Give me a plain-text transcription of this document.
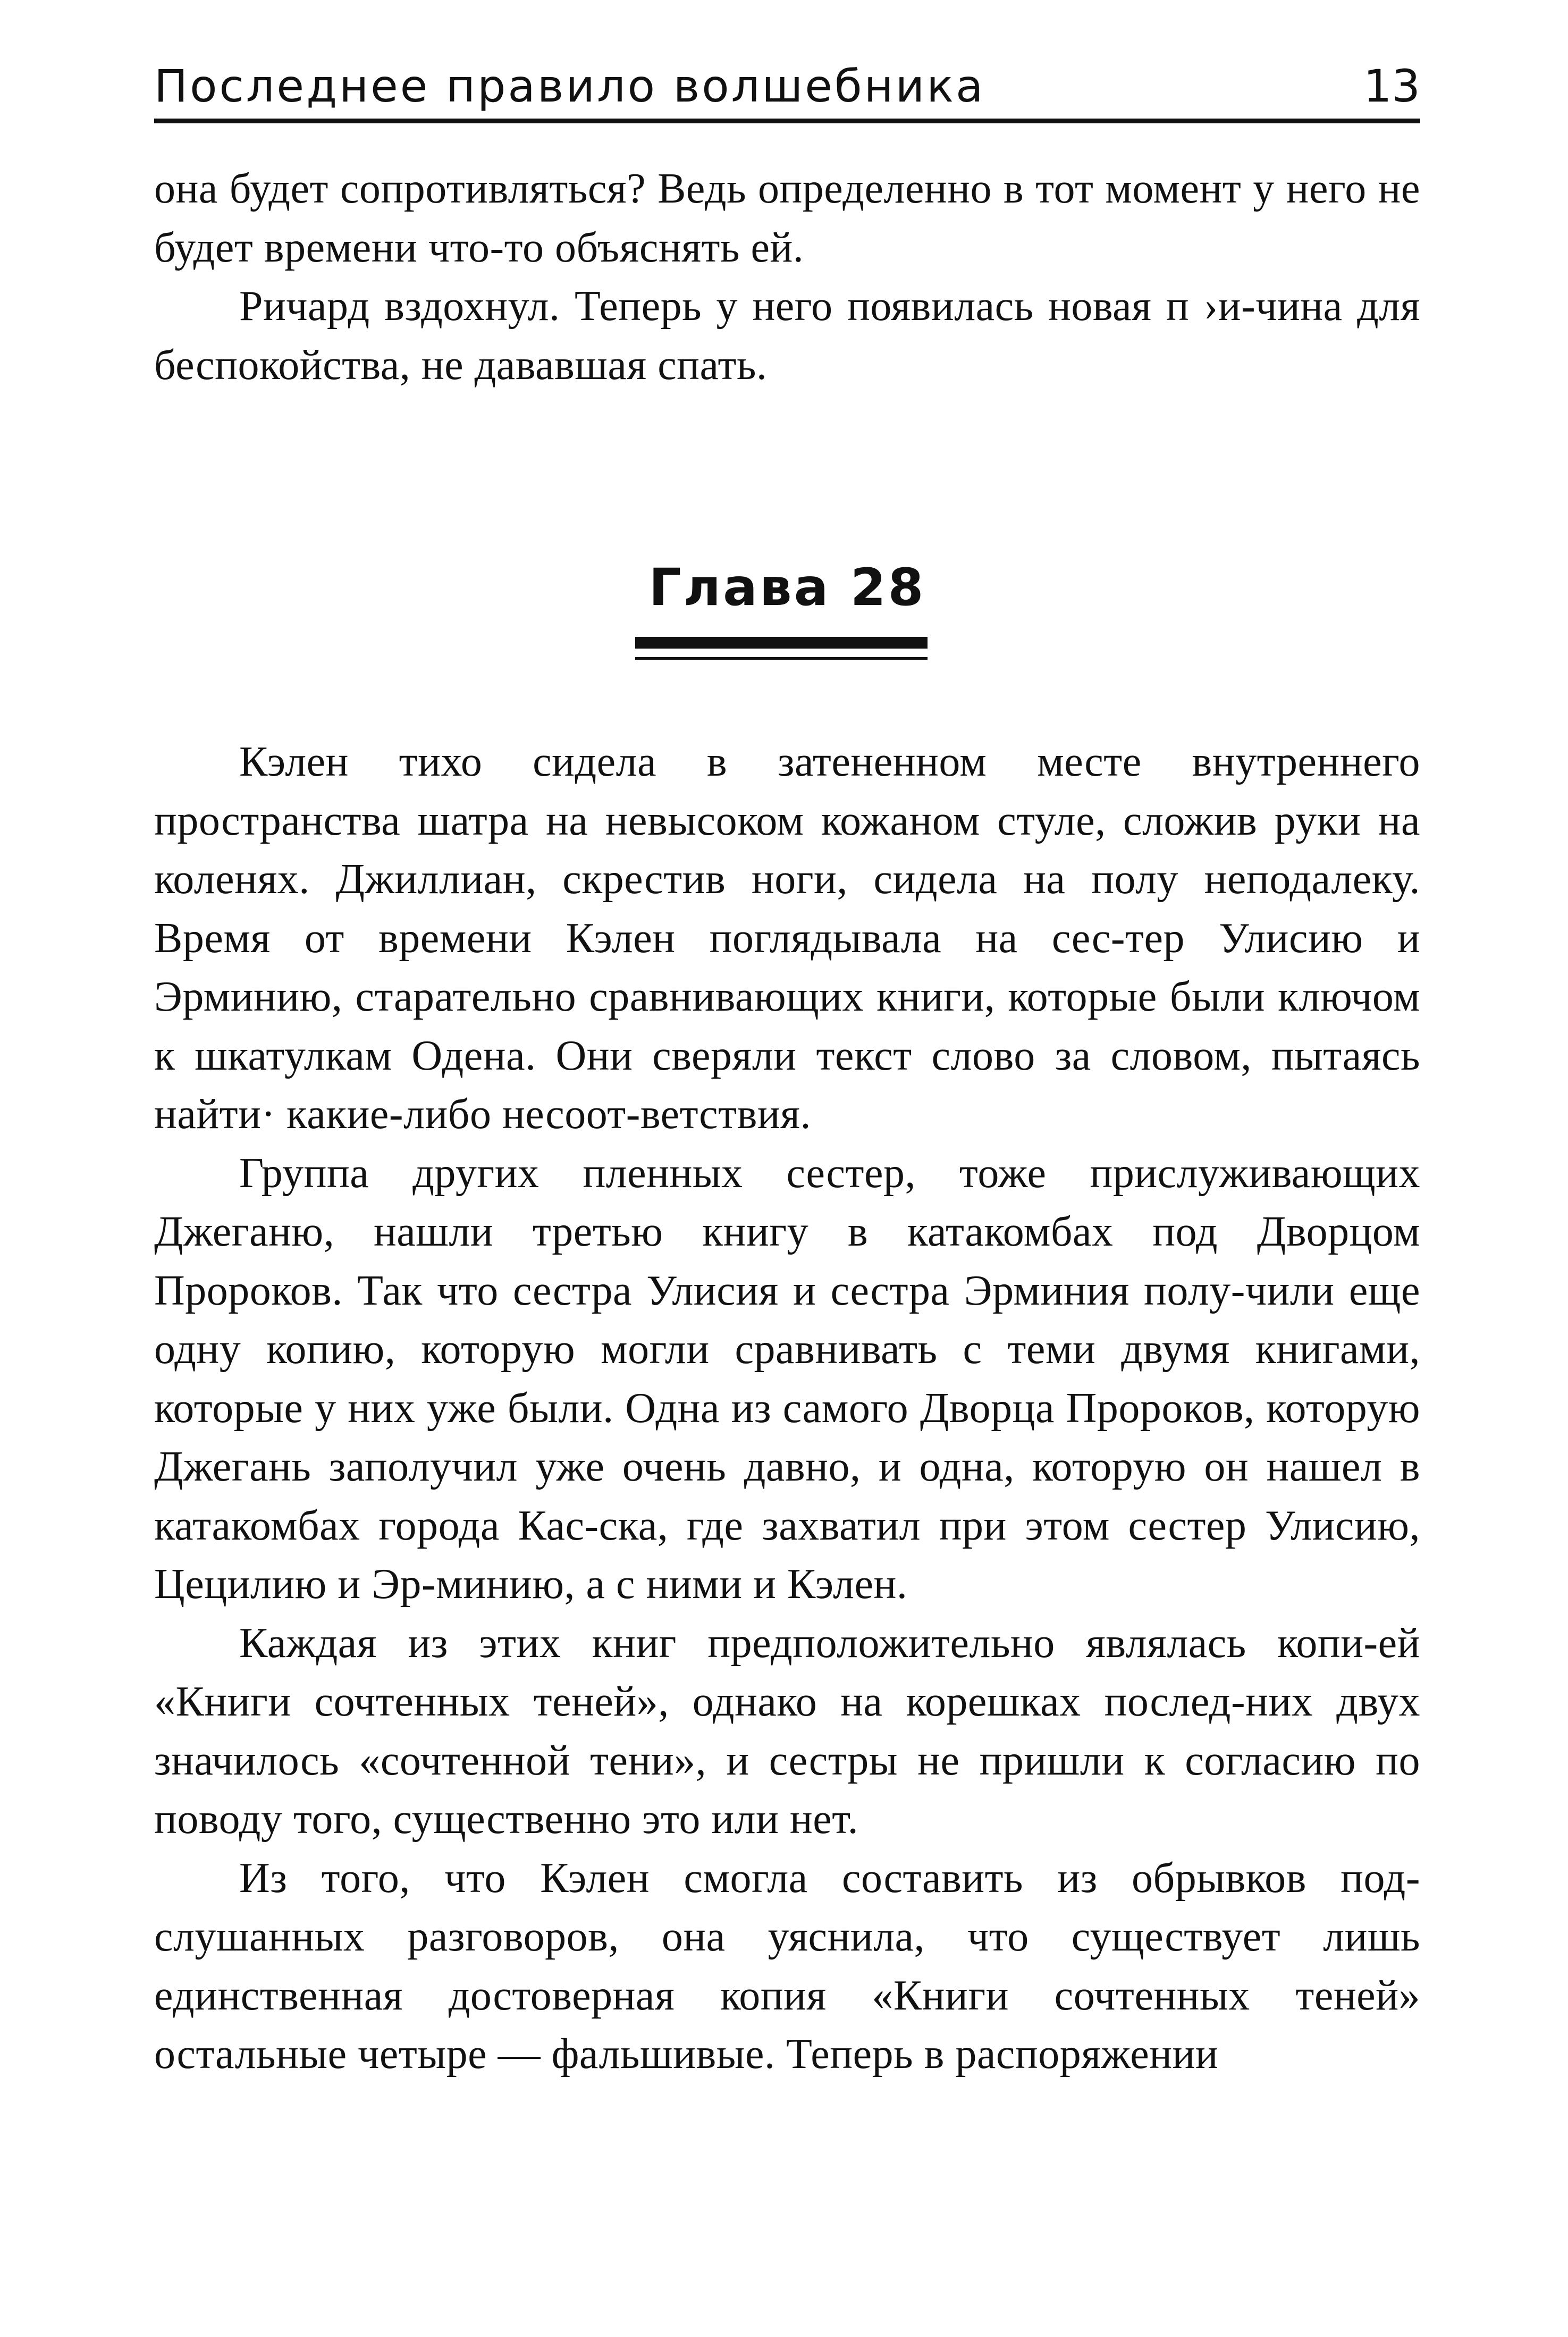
Последнее правило волшебника	13

она будет сопротивляться? Ведь определенно в тот момент у него не будет времени что-то объяснять ей.

Ричард вздохнул. Теперь у него появилась новая п ›и-чина для беспокойства, не дававшая спать.

Глава 28

Кэлен тихо сидела в затененном месте внутреннего пространства шатра на невысоком кожаном стуле, сложив руки на коленях. Джиллиан, скрестив ноги, сидела на полу неподалеку. Время от времени Кэлен поглядывала на сес-тер Улисию и Эрминию, старательно сравнивающих книги, которые были ключом к шкатулкам Одена. Они сверяли текст слово за словом, пытаясь найти· какие-либо несоот-ветствия.

Группа других пленных сестер, тоже прислуживающих Джеганю, нашли третью книгу в катакомбах под Дворцом Пророков. Так что сестра Улисия и сестра Эрминия полу-чили еще одну копию, которую могли сравнивать с теми двумя книгами, которые у них уже были. Одна из самого Дворца Пророков, которую Джегань заполучил уже очень давно, и одна, которую он нашел в катакомбах города Кас-ска, где захватил при этом сестер Улисию, Цецилию и Эр-минию, а с ними и Кэлен.

Каждая из этих книг предположительно являлась копи-ей «Книги сочтенных теней», однако на корешках послед-них двух значилось «сочтенной тени», и сестры не пришли к согласию по поводу того, существенно это или нет.

Из того, что Кэлен смогла составить из обрывков под-слушанных разговоров, она уяснила, что существует лишь единственная достоверная копия «Книги сочтенных теней» остальные четыре — фальшивые. Теперь в распоряжении
